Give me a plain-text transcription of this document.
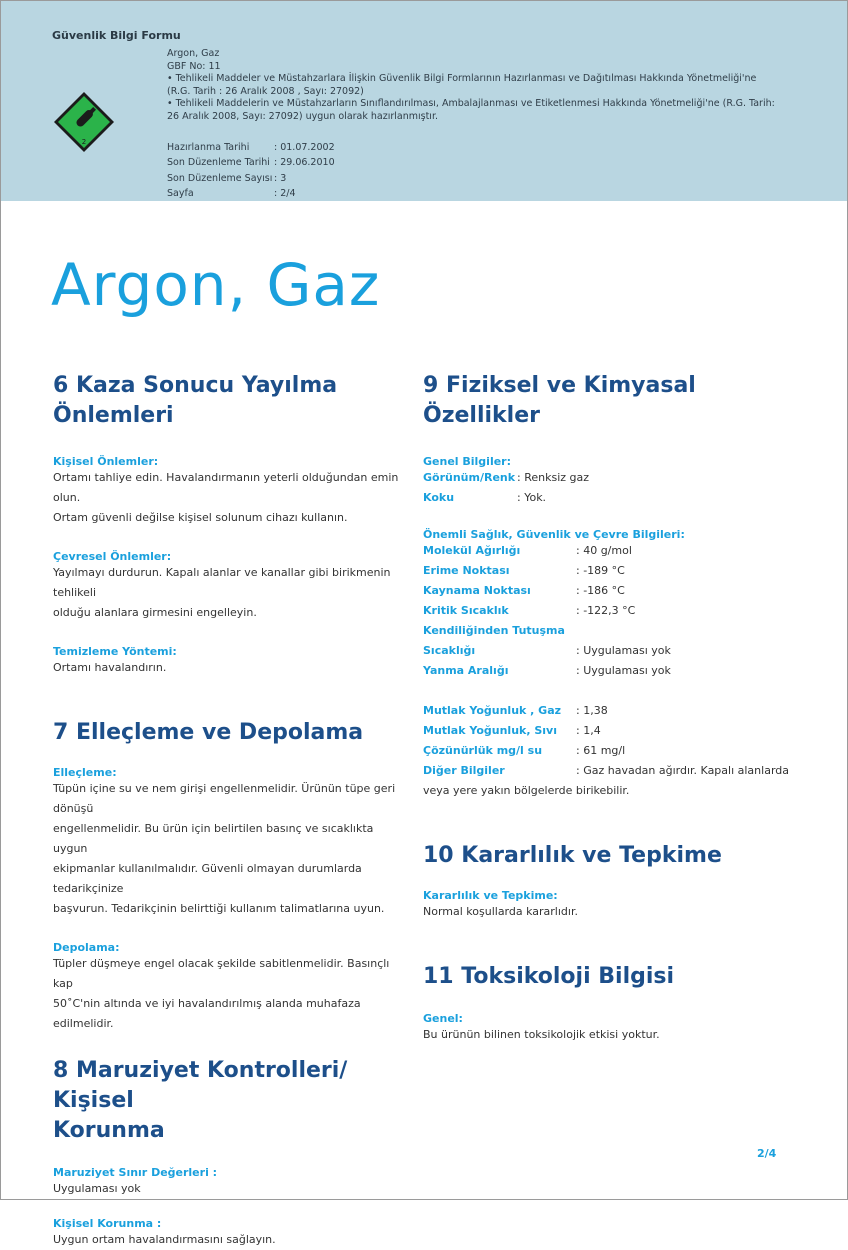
Güvenlik Bilgi Formu
2
Argon, Gaz
GBF No: 11
• Tehlikeli Maddeler ve Müstahzarlara İlişkin Güvenlik Bilgi Formlarının Hazırlanması ve Dağıtılması Hakkında Yönetmeliği'ne (R.G. Tarih : 26 Aralık 2008 , Sayı: 27092)
• Tehlikeli Maddelerin ve Müstahzarların Sınıflandırılması, Ambalajlanması ve Etiketlenmesi Hakkında Yönetmeliği'ne (R.G. Tarih: 26 Aralık 2008, Sayı: 27092) uygun olarak hazırlanmıştır.
Hazırlanma Tarihi	: 01.07.2002
Son Düzenleme Tarihi : 29.06.2010
Son Düzenleme Sayısı : 3
Sayfa	: 2/4
Argon, Gaz
6 Kaza Sonucu Yayılma Önlemleri
Kişisel Önlemler:
Ortamı tahliye edin. Havalandırmanın yeterli olduğundan emin olun.
Ortam güvenli değilse kişisel solunum cihazı kullanın.
Çevresel Önlemler:
Yayılmayı durdurun. Kapalı alanlar ve kanallar gibi birikmenin tehlikeli
olduğu alanlara girmesini engelleyin.
Temizleme Yöntemi:
Ortamı havalandırın.
7 Elleçleme ve Depolama
Elleçleme:
Tüpün içine su ve nem girişi engellenmelidir. Ürünün tüpe geri dönüşü
engellenmelidir. Bu ürün için belirtilen basınç ve sıcaklıkta uygun
ekipmanlar kullanılmalıdır. Güvenli olmayan durumlarda tedarikçinize
başvurun. Tedarikçinin belirttiği kullanım talimatlarına uyun.
Depolama:
Tüpler düşmeye engel olacak şekilde sabitlenmelidir. Basınçlı kap
50˚C'nin altında ve iyi havalandırılmış alanda muhafaza edilmelidir.
8 Maruziyet Kontrolleri/ Kişisel
Korunma
Maruziyet Sınır Değerleri :
Uygulaması yok
Kişisel Korunma :
Uygun ortam havalandırmasını sağlayın.
9 Fiziksel ve Kimyasal Özellikler
Genel Bilgiler:
Görünüm/Renk : Renksiz gaz
Koku	: Yok.
Önemli Sağlık, Güvenlik ve Çevre Bilgileri:
Molekül Ağırlığı	: 40 g/mol
Erime Noktası	: -189 °C
Kaynama Noktası	: -186 °C
Kritik Sıcaklık	: -122,3 °C
Kendiliğinden Tutuşma
Sıcaklığı	: Uygulaması yok
Yanma Aralığı	: Uygulaması yok
Mutlak Yoğunluk , Gaz	: 1,38
Mutlak Yoğunluk, Sıvı	: 1,4
Çözünürlük mg/l su	: 61 mg/l
Diğer Bilgiler	: Gaz havadan ağırdır. Kapalı alanlarda
veya yere yakın bölgelerde birikebilir.
10 Kararlılık ve Tepkime
Kararlılık ve Tepkime:
Normal koşullarda kararlıdır.
11 Toksikoloji Bilgisi
Genel:
Bu ürünün bilinen toksikolojik etkisi yoktur.
2/4
